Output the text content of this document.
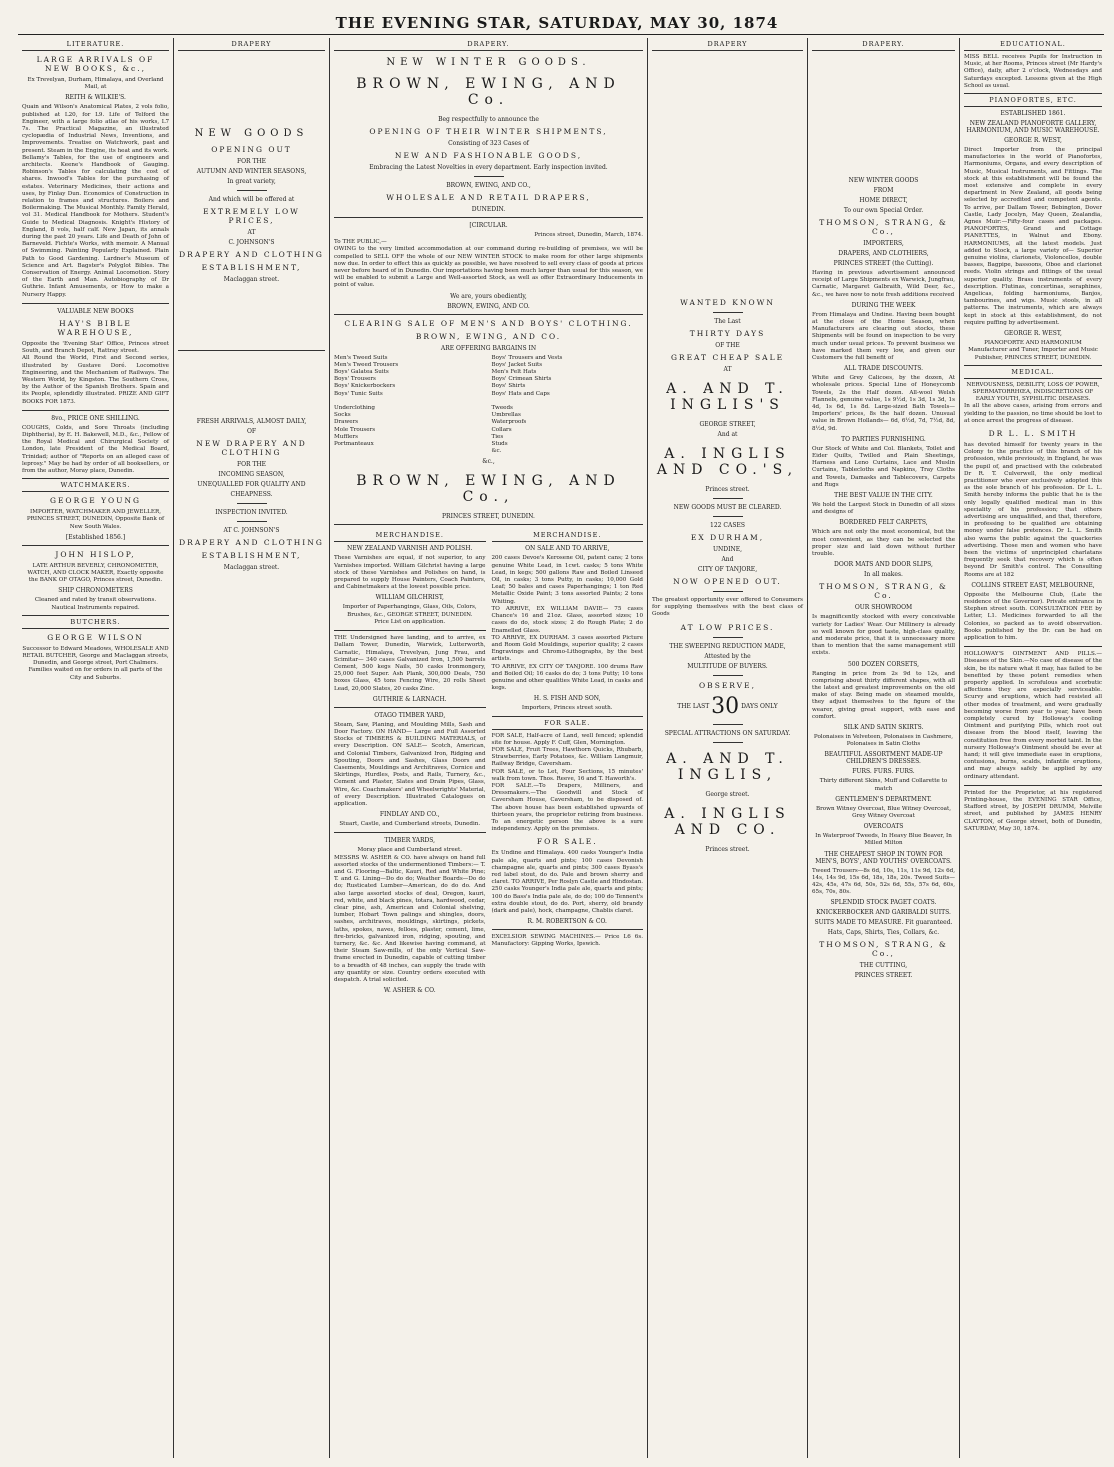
THE EVENING STAR, SATURDAY, MAY 30, 1874
LITERATURE.

LARGE ARRIVALS OF NEW BOOKS, &c.,

Ex Trevelyan, Durham, Himalaya, and Overland Mail, at

REITH & WILKIE'S.

Quain and Wilson's Anatomical Plates, 2 vols folio, published at L20, for L9. Life of Telford the Engineer, with a large folio atlas of his works, L7 7s. The Practical Magazine, an illustrated cyclopædia of Industrial News, Inventions, and Improvements. Treatise on Watchwork, past and present. Steam in the Engine, its heat and its work. Bellamy's Tables, for the use of engineers and architects. Keene's Handbook of Gauging. Robinson's Tables for calculating the cost of shares. Inwood's Tables for the purchasing of estates. Veterinary Medicines, their actions and uses, by Finlay Dun. Economics of Construction in relation to frames and structures. Boilers and Boilermaking. The Musical Monthly. Family Herald, vol 31. Medical Handbook for Mothers. Student's Guide to Medical Diagnosis. Knight's History of England, 8 vols, half calf. New Japan, its annals during the past 20 years. Life and Death of John of Barneveld. Fichte's Works, with memoir. A Manual of Swimming. Painting Popularly Explained. Plain Path to Good Gardening. Lardner's Museum of Science and Art. Bagster's Polyglot Bibles. The Conservation of Energy. Animal Locomotion. Story of the Earth and Man. Autobiography of Dr Guthrie. Infant Amusements, or How to make a Nursery Happy.

VALUABLE NEW BOOKS

HAY'S BIBLE WAREHOUSE,

Opposite the 'Evening Star' Office, Princes street South, and Branch Depot, Rattray street.

All Round the World, First and Second series, illustrated by Gustave Doré. Locomotive Engineering, and the Mechanism of Railways. The Western World, by Kingston. The Southern Cross, by the Author of the Spanish Brothers. Spain and its People, splendidly illustrated. PRIZE AND GIFT BOOKS FOR 1873.

8vo., PRICE ONE SHILLING.

COUGHS, Colds, and Sore Throats (including Diphtheria), by E. H. Bakewell, M.D., &c., Fellow of the Royal Medical and Chirurgical Society of London, late President of the Medical Board, Trinidad; author of "Reports on an alleged case of leprosy." May be had by order of all booksellers, or from the author, Moray place, Dunedin.

WATCHMAKERS.

GEORGE YOUNG

IMPORTER, WATCHMAKER AND JEWELLER, PRINCES STREET, DUNEDIN, Opposite Bank of New South Wales.

[Established 1856.]

JOHN HISLOP,

LATE ARTHUR BEVERLY, CHRONOMETER, WATCH, AND CLOCK MAKER, Exactly opposite the BANK OF OTAGO, Princes street, Dunedin.

SHIP CHRONOMETERS

Cleaned and rated by transit observations. Nautical Instruments repaired.

BUTCHERS.

GEORGE WILSON

Successor to Edward Meadows, WHOLESALE AND RETAIL BUTCHER, George and Maclaggan streets, Dunedin, and George street, Port Chalmers.

Families waited on for orders in all parts of the City and Suburbs.

DRAPERY

NEW GOODS

OPENING OUT

FOR THE

AUTUMN AND WINTER SEASONS,

In great variety,

And which will be offered at

EXTREMELY LOW PRICES,

AT

C. JOHNSON'S

DRAPERY AND CLOTHING

ESTABLISHMENT,

Maclaggan street.

FRESH ARRIVALS, ALMOST DAILY,

OF

NEW DRAPERY AND CLOTHING

FOR THE

INCOMING SEASON,

UNEQUALLED FOR QUALITY AND

CHEAPNESS.

INSPECTION INVITED.

AT C. JOHNSON'S

DRAPERY AND CLOTHING

ESTABLISHMENT,

Maclaggan street.

DRAPERY.

NEW WINTER GOODS.

BROWN, EWING, AND Co.

Beg respectfully to announce the

OPENING OF THEIR WINTER SHIPMENTS,

Consisting of 323 Cases of

NEW AND FASHIONABLE GOODS,

Embracing the Latest Novelties in every department. Early inspection invited.

BROWN, EWING, AND CO.,

WHOLESALE AND RETAIL DRAPERS,

DUNEDIN.

[CIRCULAR.

Princes street, Dunedin, March, 1874.

To THE PUBLIC,—

OWING to the very limited accommodation at our command during re-building of premises, we will be compelled to SELL OFF the whole of our NEW WINTER STOCK to make room for other large shipments now due. In order to effect this as quickly as possible, we have resolved to sell every class of goods at prices never before heard of in Dunedin. Our importations having been much larger than usual for this season, we will be enabled to submit a Large and Well-assorted Stock, as well as offer Extraordinary Inducements in point of value.

We are, yours obediently,

BROWN, EWING, AND CO.

CLEARING SALE OF MEN'S AND BOYS' CLOTHING.

BROWN, EWING, AND CO.

ARE OFFERING BARGAINS IN

Men's Tweed Suits

Men's Tweed Trousers

Boys' Galatea Suits

Boys' Trousers

Boys' Knickerbockers

Boys' Tunic Suits

Underclothing

Socks

Drawers

Mole Trousers

Mufflers

Portmanteaux

Boys' Trousers and Vests

Boys' Jacket Suits

Men's Felt Hats

Boys' Crimean Shirts

Boys' Shirts

Boys' Hats and Caps

Tweeds

Umbrellas

Waterproofs

Collars

Ties

Studs

&c.

&c.,

BROWN, EWING, AND Co.,

PRINCES STREET, DUNEDIN.

MERCHANDISE.

NEW ZEALAND VARNISH AND POLISH.

These Varnishes are equal, if not superior, to any Varnishes imported. William Gilchrist having a large stock of these Varnishes and Polishes on hand, is prepared to supply House Painters, Coach Painters, and Cabinetmakers at the lowest possible price.

WILLIAM GILCHRIST,

Importer of Paperhangings, Glass, Oils, Colors, Brushes, &c., GEORGE STREET, DUNEDIN.

Price List on application.

THE Undersigned have landing, and to arrive, ex Dallam Tower, Dunedin, Warwick, Lutterworth, Carnatic, Himalaya, Trevelyan, Jung Frau, and Scimitar— 340 cases Galvanized Iron, 1,500 barrels Cement, 500 kegs Nails, 50 casks Ironmongery, 25,000 feet Super. Ash Plank, 300,000 Deals, 750 boxes Glass, 45 tons Fencing Wire, 20 rolls Sheet Lead, 20,000 Slates, 20 casks Zinc.

GUTHRIE & LARNACH.

OTAGO TIMBER YARD,

Steam, Saw, Planing, and Moulding Mills, Sash and Door Factory. ON HAND— Large and Full Assorted Stocks of TIMBERS & BUILDING MATERIALS, of every Description. ON SALE— Scotch, American, and Colonial Timbers, Galvanized Iron, Ridging and Spouting, Doors and Sashes, Glass Doors and Casements, Mouldings and Architraves, Cornice and Skirtings, Hurdles, Posts, and Rails, Turnery, &c., Cement and Plaster, Slates and Drain Pipes, Glass, Wire, &c. Coachmakers' and Wheelwrights' Material, of every Description. Illustrated Catalogues on application.

FINDLAY AND CO.,

Stuart, Castle, and Cumberland streets, Dunedin.

TIMBER YARDS,

Moray place and Cumberland street.

MESSRS W. ASHER & CO. have always on hand full assorted stocks of the undermentioned Timbers:— T. and G. Flooring—Baltic, Kauri, Red and White Pine; T. and G. Lining—Do do do; Weather Boards—Do do do; Rusticated Lumber—American, do do do. And also large assorted stocks of deal, Oregon, kauri, red, white, and black pines, totara, hardwood, cedar, clear pine, ash, American and Colonial shelving, lumber, Hobart Town palings and shingles, doors, sashes, architraves, mouldings, skirtings, pickets, laths, spokes, naves, felloes, plaster, cement, lime, fire-bricks, galvanized iron, ridging, spouting, and turnery, &c. &c. And likewise having command, at their Steam Saw-mills, of the only Vertical Saw-frame erected in Dunedin, capable of cutting timber to a breadth of 48 inches, can supply the trade with any quantity or size. Country orders executed with despatch. A trial solicited.

W. ASHER & CO.

MERCHANDISE.

ON SALE AND TO ARRIVE,

200 cases Devoe's Kerosene Oil, patent cans; 2 tons genuine White Lead, in 1cwt. casks; 5 tons White Lead, in kegs; 500 gallons Raw and Boiled Linseed Oil, in casks; 3 tons Putty, in casks; 10,000 Gold Leaf; 50 bales and cases Paperhangings; 1 ton Red Metallic Oxide Paint; 3 tons assorted Paints; 2 tons Whiting.

TO ARRIVE, EX WILLIAM DAVIE— 75 cases Chance's 16 and 21oz. Glass, assorted sizes; 10 cases do do, stock sizes; 2 do Rough Plate; 2 do Enamelled Glass.

TO ARRIVE, EX DURHAM. 3 cases assorted Picture and Room Gold Mouldings, superior quality; 2 cases Engravings and Chromo-Lithographs, by the best artists.

TO ARRIVE, EX CITY OF TANJORE. 100 drums Raw and Boiled Oil; 16 casks do do; 3 tons Putty; 10 tons genuine and other qualities White Lead, in casks and kegs.

H. S. FISH AND SON,

Importers, Princes street south.

FOR SALE.

FOR SALE, Half-acre of Land, well fenced; splendid site for house. Apply F. Cuff, Glen, Mornington.

FOR SALE, Fruit Trees, Hawthorn Quicks, Rhubarb, Strawberries, Early Potatoes, &c. William Langmuir, Railway Bridge, Caversham.

FOR SALE, or to Let, Four Sections, 15 minutes' walk from town. Thos. Reeve, 16 and T. Haworth's.

FOR SALE.—To Drapers, Milliners, and Dressmakers.—The Goodwill and Stock of Caversham House, Caversham, to be disposed of. The above house has been established upwards of thirteen years, the proprietor retiring from business. To an energetic person the above is a sure independency. Apply on the premises.

FOR SALE.

Ex Undine and Himalaya. 400 casks Younger's India pale ale, quarts and pints; 100 cases Devonish champagne ale, quarts and pints; 300 cases Byass's red label stout, do do. Pale and brown sherry and claret. TO ARRIVE, Per Roslyn Castle and Hindostan. 250 casks Younger's India pale ale, quarts and pints; 100 do Bass's India pale ale, do do; 100 do Tennent's extra double stout, do do. Port, sherry, old brandy (dark and pale), hock, champagne, Chablis claret.

R. M. ROBERTSON & CO.

EXCELSIOR SEWING MACHINES.— Price L6 6s. Manufactory: Gipping Works, Ipswich.

DRAPERY

WANTED KNOWN

The Last

THIRTY DAYS

OF THE

GREAT CHEAP SALE

AT

A. AND T. INGLIS'S

GEORGE STREET,

And at

A. INGLIS AND CO.'S,

Princes street.

NEW GOODS MUST BE CLEARED.

122 CASES

EX DURHAM,

UNDINE,

And

CITY OF TANJORE,

NOW OPENED OUT.

The greatest opportunity ever offered to Consumers for supplying themselves with the best class of Goods

AT LOW PRICES.

THE SWEEPING REDUCTION MADE,

Attested by the

MULTITUDE OF BUYERS.

OBSERVE,

THE LAST 30 DAYS ONLY

SPECIAL ATTRACTIONS ON SATURDAY.

A. AND T. INGLIS,

George street.

A. INGLIS AND CO.

Princes street.

DRAPERY.

NEW WINTER GOODS

FROM

HOME DIRECT,

To our own Special Order.

THOMSON, STRANG, & Co.,

IMPORTERS,

DRAPERS, AND CLOTHIERS,

PRINCES STREET (the Cutting).

Having in previous advertisement announced receipt of Large Shipments ex Warwick, Jungfrau, Carnatic, Margaret Galbraith, Wild Deer, &c., &c., we have now to note fresh additions received

DURING THE WEEK

From Himalaya and Undine. Having been bought at the close of the Home Season, when Manufacturers are clearing out stocks, these Shipments will be found on inspection to be very much under usual prices. To prevent business we have marked them very low, and given our Customers the full benefit of

ALL TRADE DISCOUNTS.

White and Grey Calicoes, by the dozen, At wholesale prices. Special Line of Honeycomb Towels, 2s the Half dozen. All-wool Welsh Flannels, genuine value, 1s 9½d, 1s 3d, 1s 3d, 1s 4d, 1s 6d, 1s 8d. Large-sized Bath Towels—Importers' prices, 8s the half dozen. Unusual value in Brown Hollands— 6d, 6½d, 7d, 7½d, 8d, 8½d, 9d.

TO PARTIES FURNISHING.

Our Stock of White and Col. Blankets, Toilet and Eider Quilts, Twilled and Plain Sheetings, Harness and Leno Curtains, Lace and Muslin Curtains, Tablecloths and Napkins, Tray Cloths and Towels, Damasks and Tablecovers, Carpets and Rugs

THE BEST VALUE IN THE CITY.

We hold the Largest Stock in Dunedin of all sizes and designs of

BORDERED FELT CARPETS,

Which are not only the most economical, but the most convenient, as they can be selected the proper size and laid down without further trouble.

DOOR MATS AND DOOR SLIPS,

In all makes.

THOMSON, STRANG, & Co.

OUR SHOWROOM

Is magnificently stocked with every conceivable variety for Ladies' Wear. Our Millinery is already so well known for good taste, high-class quality, and moderate price, that it is unnecessary more than to mention that the same management still exists.

500 DOZEN CORSETS,

Ranging in price from 2s 9d to 12s, and comprising about thirty different shapes, with all the latest and greatest improvements on the old make of stay. Being made on steamed moulds, they adjust themselves to the figure of the wearer, giving great support, with ease and comfort.

SILK AND SATIN SKIRTS.

Polonaises in Velveteen, Polonaises in Cashmere, Polonaises in Satin Cloths

BEAUTIFUL ASSORTMENT MADE-UP CHILDREN'S DRESSES.

FURS. FURS. FURS.

Thirty different Skins, Muff and Collarette to match

GENTLEMEN'S DEPARTMENT.

Brown Witney Overcoat, Blue Witney Overcoat, Grey Witney Overcoat

OVERCOATS

In Waterproof Tweeds, In Heavy Blue Beaver, In Milled Milton

THE CHEAPEST SHOP IN TOWN FOR MEN'S, BOYS', AND YOUTHS' OVERCOATS.

Tweed Trousers—8s 6d, 10s, 11s, 11s 9d, 12s 6d, 14s, 14s 9d, 15s 6d, 18s, 18s, 20s. Tweed Suits—42s, 45s, 47s 6d, 50s, 52s 6d, 55s, 57s 6d, 60s, 65s, 70s, 80s.

SPLENDID STOCK PAGET COATS.

KNICKERBOCKER AND GARIBALDI SUITS.

SUITS MADE TO MEASURE. Fit guaranteed.

Hats, Caps, Shirts, Ties, Collars, &c.

THOMSON, STRANG, & Co.,

THE CUTTING,

PRINCES STREET.

EDUCATIONAL.

MISS BELL receives Pupils for Instruction in Music, at her Rooms, Princes street (Mr Hardy's Office), daily, after 2 o'clock, Wednesdays and Saturdays excepted. Lessons given at the High School as usual.

PIANOFORTES, ETC.

ESTABLISHED 1861.

NEW ZEALAND PIANOFORTE GALLERY, HARMONIUM, AND MUSIC WAREHOUSE.

GEORGE R. WEST,

Direct Importer from the principal manufactories in the world of Pianofortes, Harmoniums, Organs, and every description of Music, Musical Instruments, and Fittings. The stock at this establishment will be found the most extensive and complete in every department in New Zealand, all goods being selected by accredited and competent agents. To arrive, per Dallam Tower, Bebington, Dover Castle, Lady Jocelyn, May Queen, Zealandia, Agnes Muir:—Fifty-four cases and packages. PIANOFORTES, Grand and Cottage PIANETTES, in Walnut and Ebony. HARMONIUMS, all the latest models. Just added to Stock, a large variety of— Superior genuine violins, clarionets, Violoncellos, double basses, Bagpipe, bassoons, Oboe and clarionet reeds. Violin strings and fittings of the usual superior quality. Brass instruments of every description. Flutinas, concertinas, seraphines, Angelicas, folding harmoniums, Banjos, tambourines, and wigs. Music stools, in all patterns. The instruments, which are always kept in stock at this establishment, do not require puffing by advertisement.

GEORGE R. WEST,

PIANOFORTE AND HARMONIUM Manufacturer and Tuner, Importer and Music Publisher, PRINCES STREET, DUNEDIN.

MEDICAL.

NERVOUSNESS, DEBILITY, LOSS OF POWER, SPERMATORRHŒA, INDISCRETIONS OF EARLY YOUTH, SYPHILITIC DISEASES.

In all the above cases, arising from errors and yielding to the passion, no time should be lost to at once arrest the progress of disease.

DR L. L. SMITH

has devoted himself for twenty years in the Colony to the practice of this branch of his profession, while previously, in England, he was the pupil of, and practised with the celebrated Dr R. T. Culverwell, the only medical practitioner who ever exclusively adopted this as the sole branch of his profession. Dr L. L. Smith hereby informs the public that he is the only legally qualified medical man in this speciality of his profession; that others advertising are unqualified, and that, therefore, in professing to be qualified are obtaining money under false pretences. Dr L. L. Smith also warns the public against the quackeries advertising. Those men and women who have been the victims of unprincipled charlatans frequently seek that recovery which is often beyond Dr Smith's control. The Consulting Rooms are at 182

COLLINS STREET EAST, MELBOURNE,

Opposite the Melbourne Club, (Late the residence of the Governor). Private entrance in Stephen street south. CONSULTATION FEE by Letter, L1. Medicines forwarded to all the Colonies, so packed as to avoid observation. Books published by the Dr. can be had on application to him.

HOLLOWAY'S OINTMENT AND PILLS.—Diseases of the Skin.—No case of disease of the skin, be its nature what it may, has failed to be benefited by these potent remedies when properly applied. In scrofulous and scorbutic affections they are especially serviceable. Scurvy and eruptions, which had resisted all other modes of treatment, and were gradually becoming worse from year to year, have been completely cured by Holloway's cooling Ointment and purifying Pills, which root out disease from the blood itself, leaving the constitution free from every morbid taint. In the nursery Holloway's Ointment should be ever at hand; it will give immediate ease in eruptions, contusions, burns, scalds, infantile eruptions, and may always safely be applied by any ordinary attendant.

Printed for the Proprietor, at his registered Printing-house, the EVENING STAR Office, Stafford street, by JOSEPH DRUMM, Melville street, and published by JAMES HENRY CLAYTON, of George street, both of Dunedin, SATURDAY, May 30, 1874.
